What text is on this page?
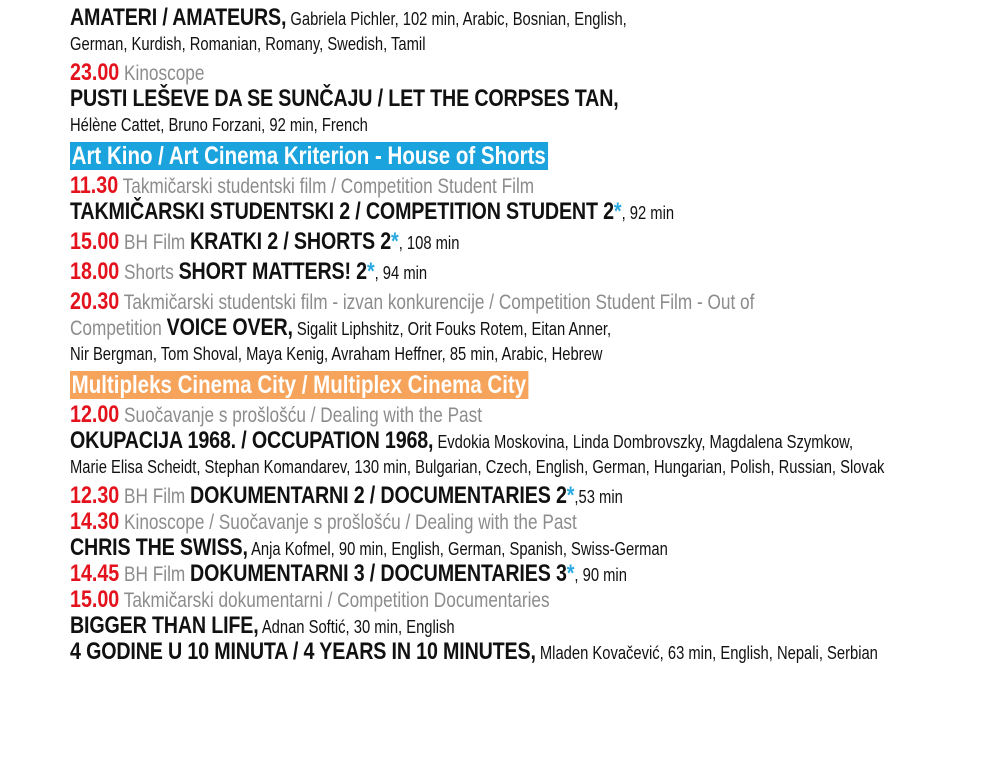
AMATERI / AMATEURS, Gabriela Pichler, 102 min, Arabic, Bosnian, English,
German, Kurdish, Romanian, Romany, Swedish, Tamil
23.00 Kinoscope
PUSTI LEŠEVE DA SE SUNČAJU / LET THE CORPSES TAN,
Hélène Cattet, Bruno Forzani, 92 min, French
Art Kino / Art Cinema Kriterion - House of Shorts
11.30 Takmičarski studentski film / Competition Student Film
TAKMIČARSKI STUDENTSKI 2 / COMPETITION STUDENT 2*, 92 min
15.00 BH Film KRATKI 2 / SHORTS 2*, 108 min
18.00 Shorts SHORT MATTERS! 2*, 94 min
20.30 Takmičarski studentski film - izvan konkurencije / Competition Student Film - Out of
Competition VOICE OVER, Sigalit Liphshitz, Orit Fouks Rotem, Eitan Anner,
Nir Bergman, Tom Shoval, Maya Kenig, Avraham Heffner, 85 min, Arabic, Hebrew
Multipleks Cinema City / Multiplex Cinema City
12.00 Suočavanje s prošlošću / Dealing with the Past
OKUPACIJA 1968. / OCCUPATION 1968, Evdokia Moskovina, Linda Dombrovszky, Magdalena Szymkow,
Marie Elisa Scheidt, Stephan Komandarev, 130 min, Bulgarian, Czech, English, German, Hungarian, Polish, Russian, Slovak
12.30 BH Film DOKUMENTARNI 2 / DOCUMENTARIES 2*,53 min
14.30 Kinoscope / Suočavanje s prošlošću / Dealing with the Past
CHRIS THE SWISS, Anja Kofmel, 90 min, English, German, Spanish, Swiss-German
14.45 BH Film DOKUMENTARNI 3 / DOCUMENTARIES 3*, 90 min
15.00 Takmičarski dokumentarni / Competition Documentaries
BIGGER THAN LIFE, Adnan Softić, 30 min, English
4 GODINE U 10 MINUTA / 4 YEARS IN 10 MINUTES, Mladen Kovačević, 63 min, English, Nepali, Serbian
